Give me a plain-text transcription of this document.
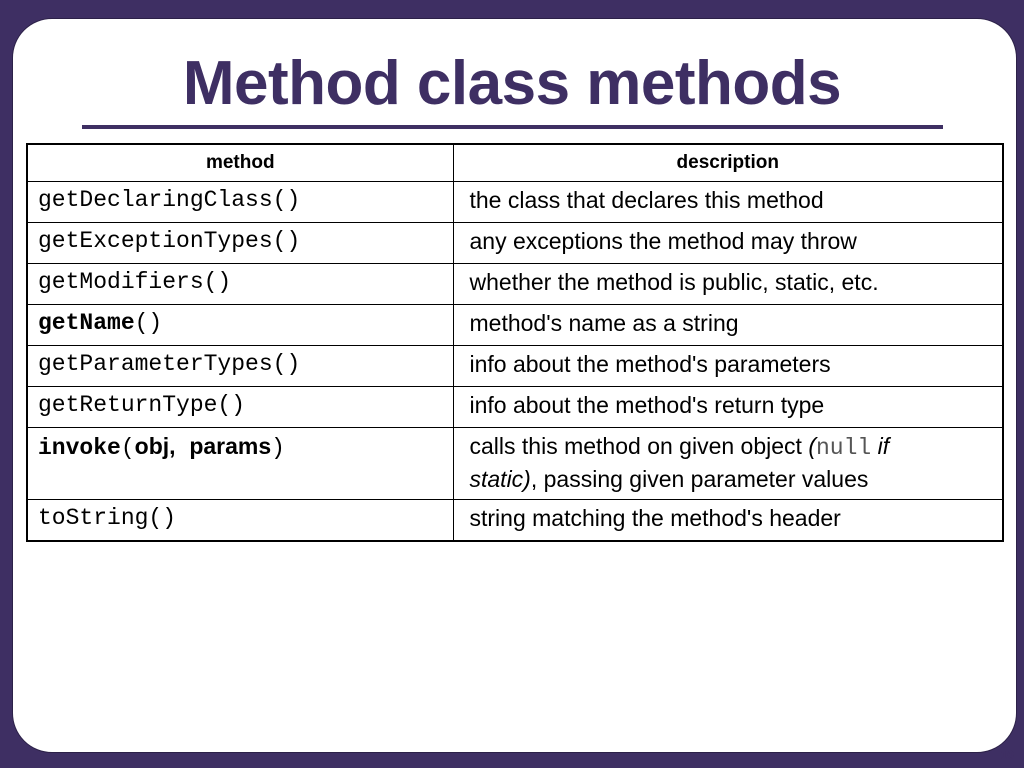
Method class methods
method	description
getDeclaringClass()	the class that declares this method
getExceptionTypes()	any exceptions the method may throw
getModifiers()	whether the method is public, static, etc.
getName()	method's name as a string
getParameterTypes()	info about the method's parameters
getReturnType()	info about the method's return type
invoke(obj, params)	calls this method on given object (null if
static), passing given parameter values
toString()	string matching the method's header
10
